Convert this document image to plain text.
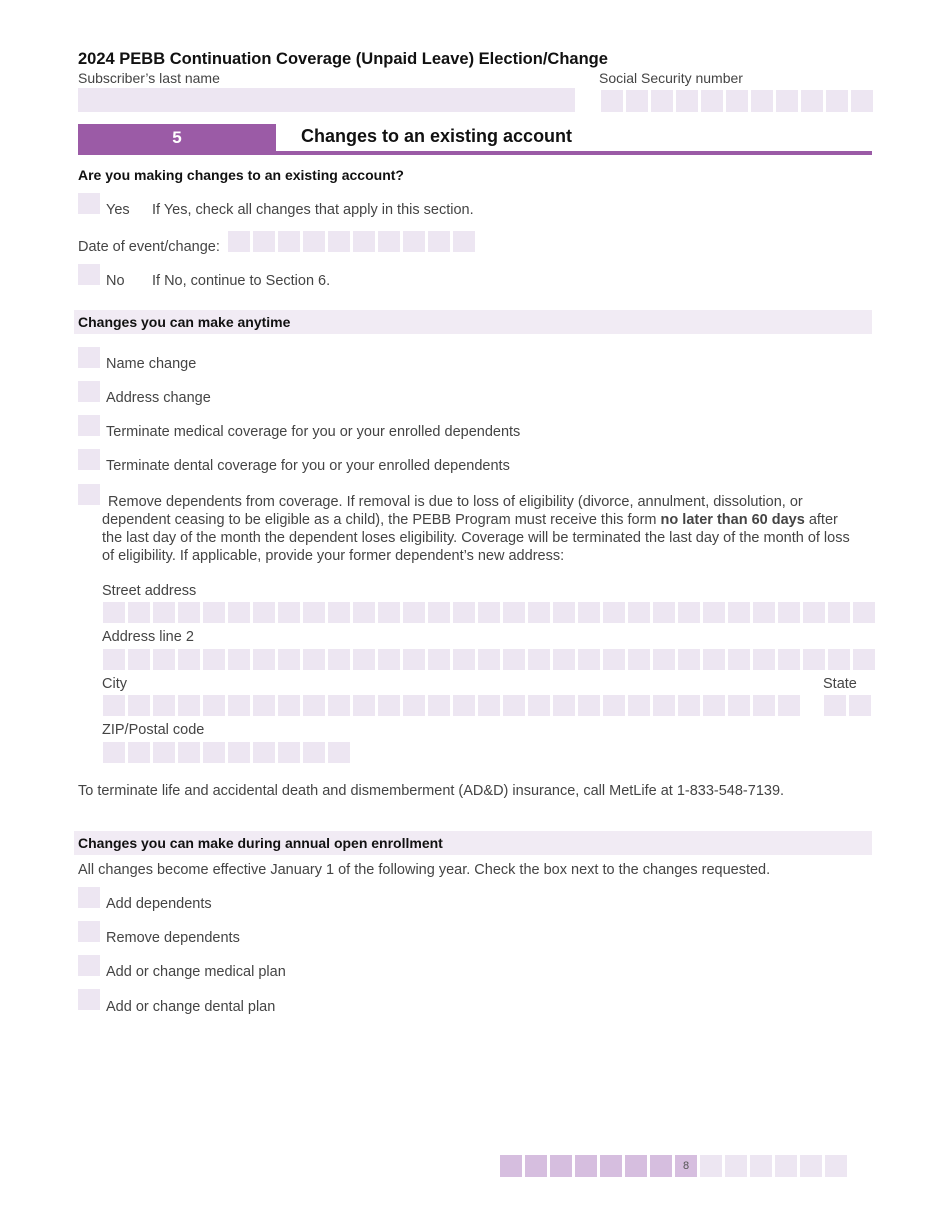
2024 PEBB Continuation Coverage (Unpaid Leave) Election/Change
Subscriber’s last name	Social Security number
5	Changes to an existing account
Are you making changes to an existing account?
Yes If Yes, check all changes that apply in this section.
Date of event/change:
No If No, continue to Section 6.
Changes you can make anytime
Name change
Address change
Terminate medical coverage for you or your enrolled dependents
Terminate dental coverage for you or your enrolled dependents
Remove dependents from coverage. If removal is due to loss of eligibility (divorce, annulment, dissolution, or dependent ceasing to be eligible as a child), the PEBB Program must receive this form no later than 60 days after the last day of the month the dependent loses eligibility. Coverage will be terminated the last day of the month of loss of eligibility. If applicable, provide your former dependent’s new address:
Street address
Address line 2
City	State
ZIP/Postal code
To terminate life and accidental death and dismemberment (AD&D) insurance, call MetLife at 1-833-548-7139.
Changes you can make during annual open enrollment
All changes become effective January 1 of the following year. Check the box next to the changes requested.
Add dependents
Remove dependents
Add or change medical plan
Add or change dental plan
8
